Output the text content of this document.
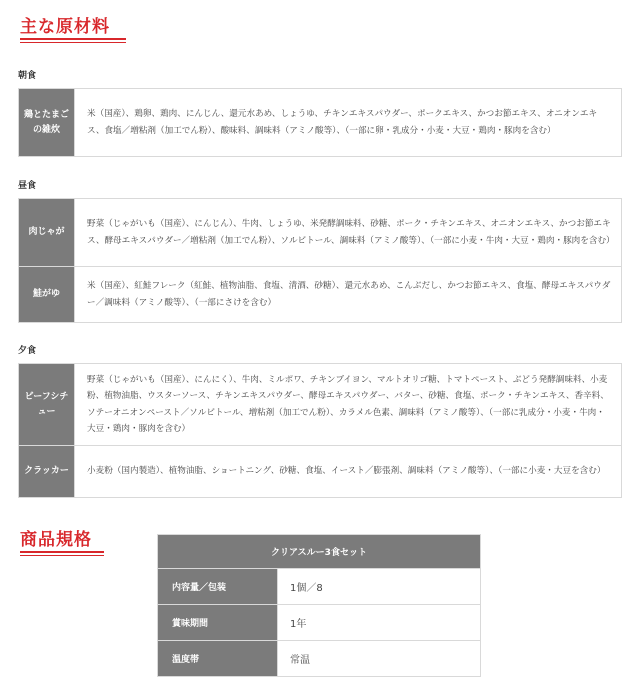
主な原材料
朝食
鶏とたまごの雑炊	米（国産）、鶏卵、鶏肉、にんじん、還元水あめ、しょうゆ、チキンエキスパウダー、ポークエキス、かつお節エキス、オニオンエキス、食塩／増粘剤（加工でん粉）、酸味料、調味料（アミノ酸等）、（一部に卵・乳成分・小麦・大豆・鶏肉・豚肉を含む）
昼食
肉じゃが	野菜（じゃがいも（国産）、にんじん）、牛肉、しょうゆ、米発酵調味料、砂糖、ポーク・チキンエキス、オニオンエキス、かつお節エキス、酵母エキスパウダー／増粘剤（加工でん粉）、ソルビトール、調味料（アミノ酸等）、（一部に小麦・牛肉・大豆・鶏肉・豚肉を含む）
鮭がゆ	米（国産）、紅鮭フレーク（紅鮭、植物油脂、食塩、清酒、砂糖）、還元水あめ、こんぶだし、かつお節エキス、食塩、酵母エキスパウダー／調味料（アミノ酸等）、（一部にさけを含む）
夕食
ビーフシチュー	野菜（じゃがいも（国産）、にんにく）、牛肉、ミルポワ、チキンブイヨン、マルトオリゴ糖、トマトペースト、ぶどう発酵調味料、小麦粉、植物油脂、ウスターソース、チキンエキスパウダー、酵母エキスパウダー、バター、砂糖、食塩、ポーク・チキンエキス、香辛料、ソテーオニオンペースト／ソルビトール、増粘剤（加工でん粉）、カラメル色素、調味料（アミノ酸等）、（一部に乳成分・小麦・牛肉・大豆・鶏肉・豚肉を含む）
クラッカー	小麦粉（国内製造）、植物油脂、ショートニング、砂糖、食塩、イースト／膨張剤、調味料（アミノ酸等）、（一部に小麦・大豆を含む）
商品規格
クリアスルー3食セット	
内容量／包装	1個／8
賞味期間	1年
温度帯	常温
